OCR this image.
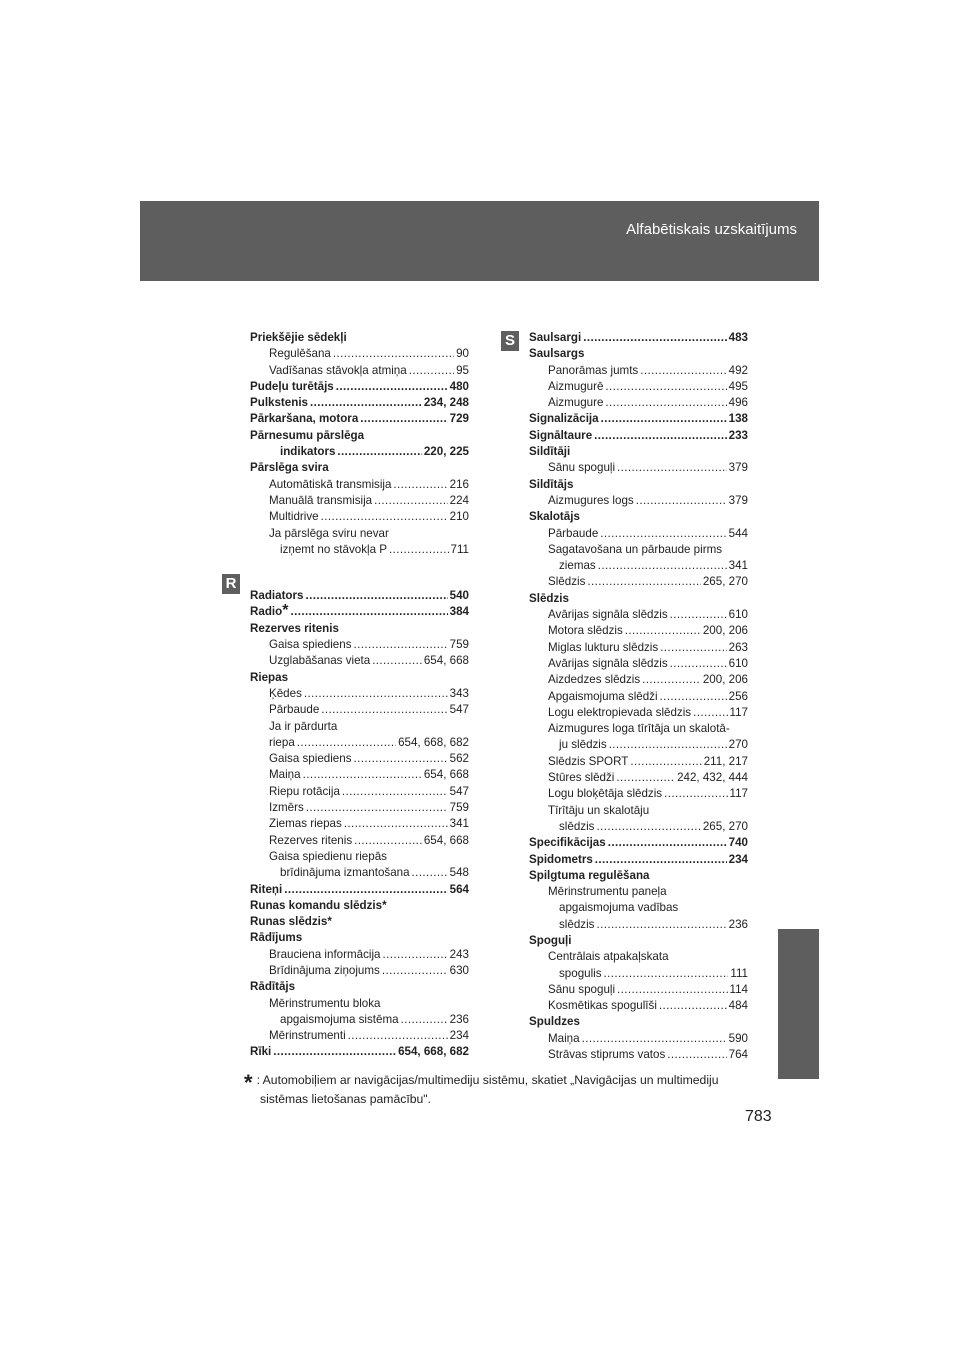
Alfabētiskais uzskaitījums
R
S
Priekšējie sēdekļi
Regulēšana .....	90
Vadīšanas stāvokļa atmiņa .....	95
Pudeļu turētājs .....	480
Pulkstenis .....	234, 248
Pārkaršana, motora .....	729
Pārnesumu pārslēga
indikators .....	220, 225
Pārslēga svira
Automātiskā transmisija .....	216
Manuālā transmisija .....	224
Multidrive .....	210
Ja pārslēga sviru nevar
izņemt no stāvokļa P .....	711
Radiators .....	540
Radio * .....	384
Rezerves ritenis
Gaisa spiediens .....	759
Uzglabāšanas vieta .....	654, 668
Riepas
Ķēdes .....	343
Pārbaude .....	547
Ja ir pārdurta
riepa .....	654, 668, 682
Gaisa spiediens .....	562
Maiņa .....	654, 668
Riepu rotācija .....	547
Izmērs .....	759
Ziemas riepas .....	341
Rezerves ritenis .....	654, 668
Gaisa spiedienu riepās
brīdinājuma izmantošana .....	548
Riteņi .....	564
Runas komandu slēdzis*
Runas slēdzis*
Rādījums
Brauciena informācija .....	243
Brīdinājuma ziņojums .....	630
Rādītājs
Mērinstrumentu bloka
apgaismojuma sistēma .....	236
Mērinstrumenti .....	234
Rīki .....	654, 668, 682
Saulsargi .....	483
Saulsargs
Panorāmas jumts .....	492
Aizmugurē .....	495
Aizmugure .....	496
Signalizācija .....	138
Signāltaure .....	233
Sildītāji
Sānu spoguļi .....	379
Sildītājs
Aizmugures logs .....	379
Skalotājs
Pārbaude .....	544
Sagatavošana un pārbaude pirms
ziemas .....	341
Slēdzis .....	265, 270
Slēdzis
Avārijas signāla slēdzis .....	610
Motora slēdzis .....	200, 206
Miglas lukturu slēdzis .....	263
Avārijas signāla slēdzis .....	610
Aizdedzes slēdzis .....	200, 206
Apgaismojuma slēdži .....	256
Logu elektropievada slēdzis .....	117
Aizmugures loga tīrītāja un skalotā-
ju slēdzis .....	270
Slēdzis SPORT .....	211, 217
Stūres slēdži .....	242, 432, 444
Logu bloķētāja slēdzis .....	117
Tīrītāju un skalotāju
slēdzis .....	265, 270
Specifikācijas .....	740
Spidometrs .....	234
Spilgtuma regulēšana
Mērinstrumentu paneļa
apgaismojuma vadības
slēdzis .....	236
Spoguļi
Centrālais atpakaļskata
spogulis .....	111
Sānu spoguļi .....	114
Kosmētikas spogulīši .....	484
Spuldzes
Maiņa .....	590
Strāvas stiprums vatos .....	764
* : Automobiļiem ar navigācijas/multimediju sistēmu, skatiet „Navigācijas un multimediju
sistēmas lietošanas pamācību".
783
